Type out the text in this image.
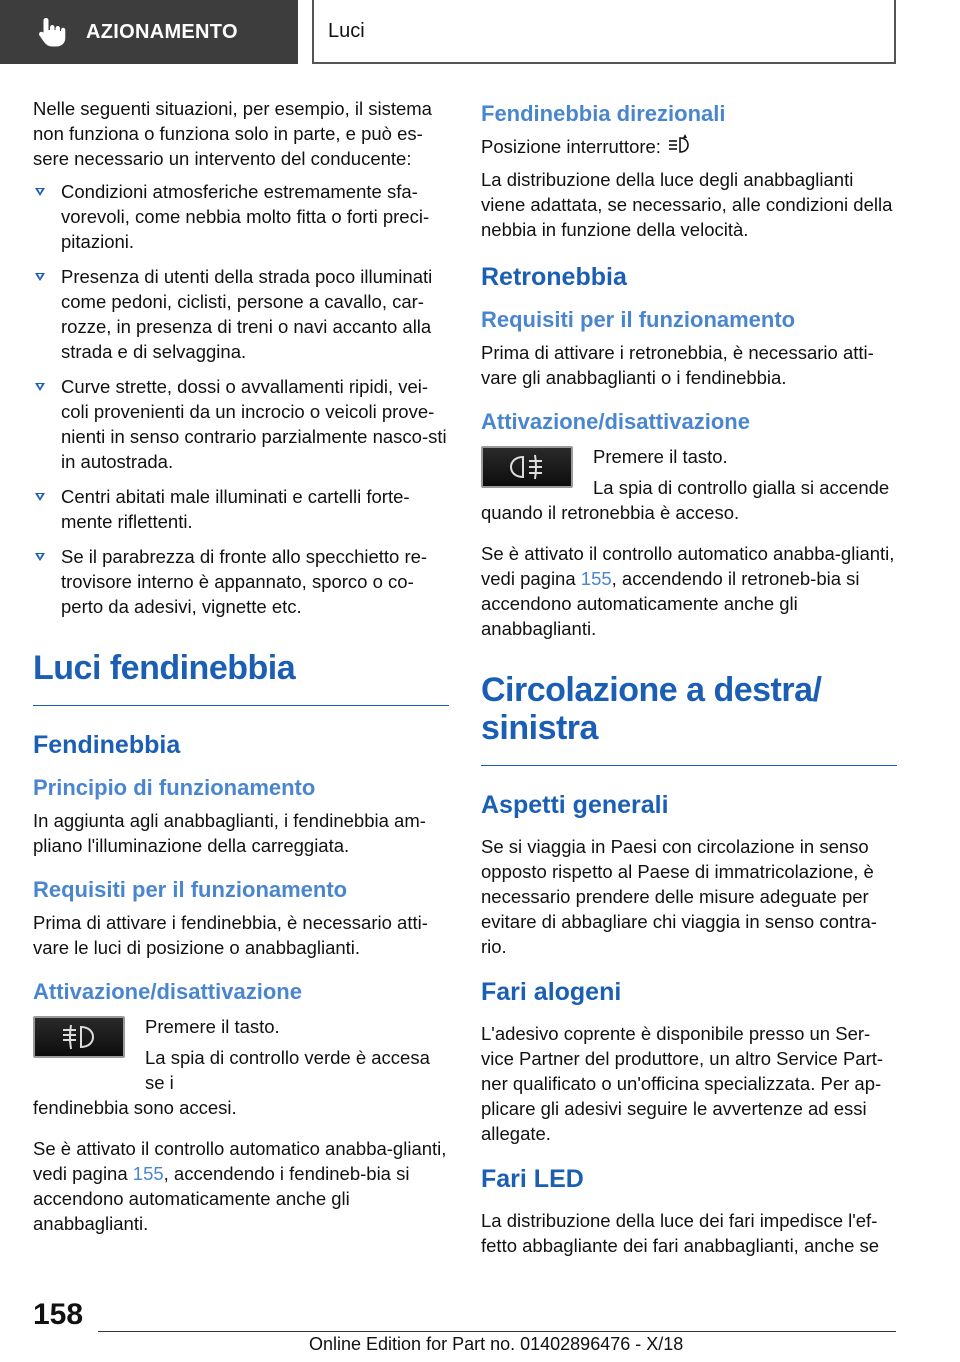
AZIONAMENTO	Luci

Nelle seguenti situazioni, per esempio, il sistema non funziona o funziona solo in parte, e può es-sere necessario un intervento del conducente:

Condizioni atmosferiche estremamente sfa-vorevoli, come nebbia molto fitta o forti preci-pitazioni.
Presenza di utenti della strada poco illuminati come pedoni, ciclisti, persone a cavallo, car-rozze, in presenza di treni o navi accanto alla strada e di selvaggina.
Curve strette, dossi o avvallamenti ripidi, vei-coli provenienti da un incrocio o veicoli prove-nienti in senso contrario parzialmente nasco-sti in autostrada.
Centri abitati male illuminati e cartelli forte-mente riflettenti.
Se il parabrezza di fronte allo specchietto re-trovisore interno è appannato, sporco o co-perto da adesivi, vignette etc.
Luci fendinebbia
Fendinebbia
Principio di funzionamento

In aggiunta agli anabbaglianti, i fendinebbia am-pliano l'illuminazione della carreggiata.

Requisiti per il funzionamento

Prima di attivare i fendinebbia, è necessario atti-vare le luci di posizione o anabbaglianti.

Attivazione/disattivazione

Premere il tasto.

La spia di controllo verde è accesa se i

fendinebbia sono accesi.

Se è attivato il controllo automatico anabba-glianti, vedi pagina 155, accendendo i fendineb-bia si accendono automaticamente anche gli anabbaglianti.

Fendinebbia direzionali

Posizione interruttore:

La distribuzione della luce degli anabbaglianti viene adattata, se necessario, alle condizioni della nebbia in funzione della velocità.

Retronebbia
Requisiti per il funzionamento

Prima di attivare i retronebbia, è necessario atti-vare gli anabbaglianti o i fendinebbia.

Attivazione/disattivazione

Premere il tasto.

La spia di controllo gialla si accende

quando il retronebbia è acceso.

Se è attivato il controllo automatico anabba-glianti, vedi pagina 155, accendendo il retroneb-bia si accendono automaticamente anche gli anabbaglianti.

Circolazione a destra/ sinistra
Aspetti generali

Se si viaggia in Paesi con circolazione in senso opposto rispetto al Paese di immatricolazione, è necessario prendere delle misure adeguate per evitare di abbagliare chi viaggia in senso contra-rio.

Fari alogeni

L'adesivo coprente è disponibile presso un Ser-vice Partner del produttore, un altro Service Part-ner qualificato o un'officina specializzata. Per ap-plicare gli adesivi seguire le avvertenze ad essi allegate.

Fari LED

La distribuzione della luce dei fari impedisce l'ef-fetto abbagliante dei fari anabbaglianti, anche se

158
Online Edition for Part no. 01402896476 - X/18
